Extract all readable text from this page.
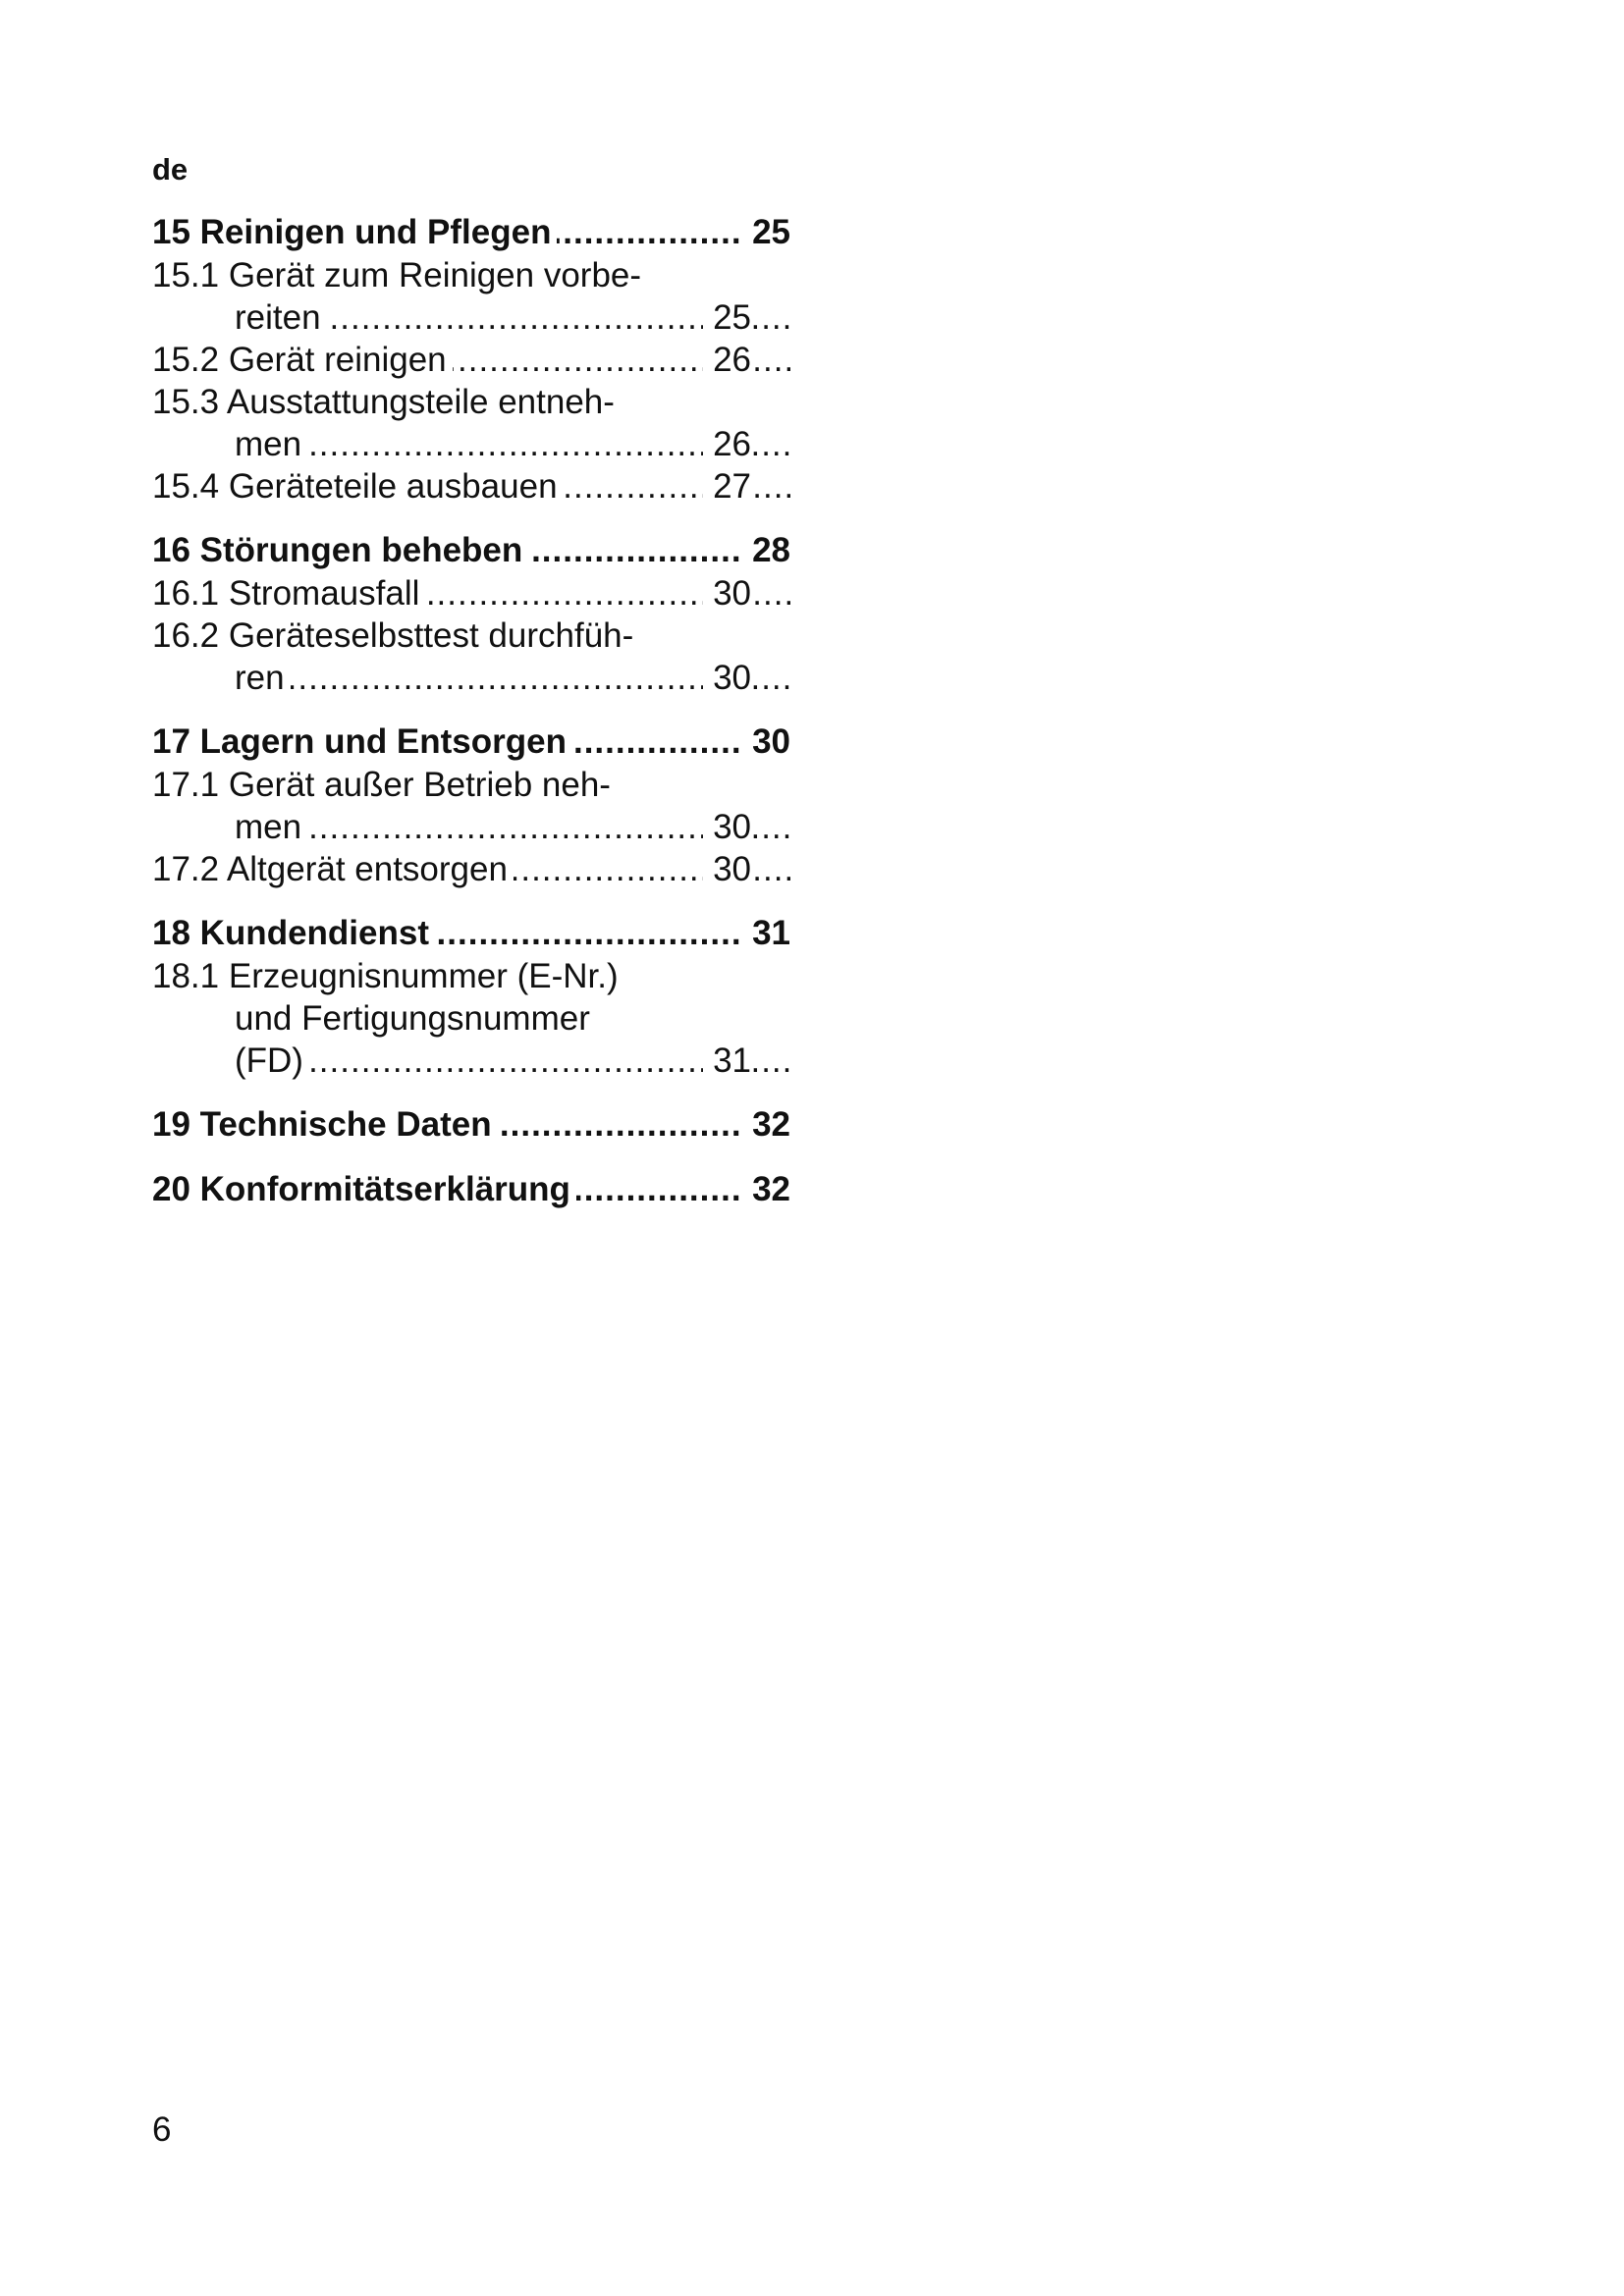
de
15 Reinigen und Pflegen	25
.....
15.1 Gerät zum Reinigen vorbe-
reiten	25
.....
15.2 Gerät reinigen	26
.....
15.3 Ausstattungsteile entneh-
men	26
.....
15.4 Geräteteile ausbauen	27
.....
16 Störungen beheben	28
.....
16.1 Stromausfall	30
.....
16.2 Geräteselbsttest durchfüh-
ren	30
.....
17 Lagern und Entsorgen	30
.....
17.1 Gerät außer Betrieb neh-
men	30
.....
17.2 Altgerät entsorgen	30
.....
18 Kundendienst	31
.....
18.1 Erzeugnisnummer (E-Nr.)
und Fertigungsnummer
(FD)	31
.....
19 Technische Daten	32
.....
20 Konformitätserklärung	32
.....
6
